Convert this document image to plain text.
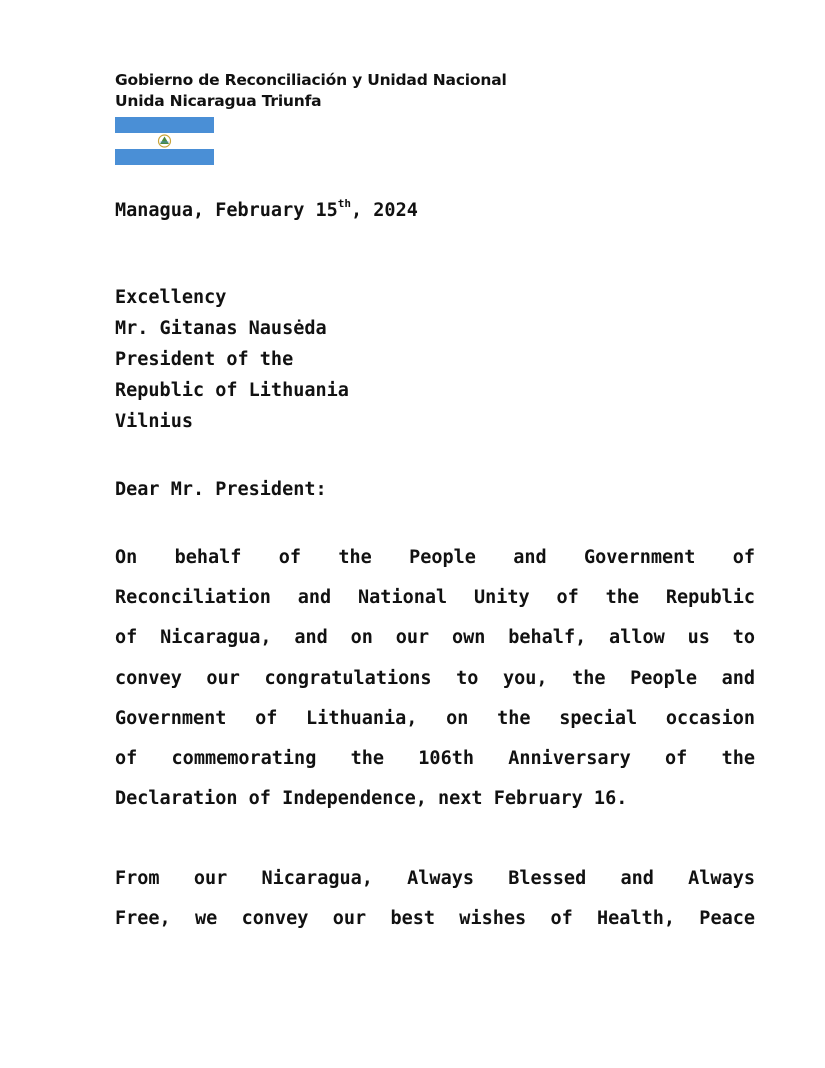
Gobierno de Reconciliación y Unidad Nacional
Unida Nicaragua Triunfa
Managua, February 15th, 2024
Excellency
Mr. Gitanas Nausėda
President of the
Republic of Lithuania
Vilnius
Dear Mr. President:
On behalf of the People and Government of
Reconciliation and National Unity of the Republic
of Nicaragua, and on our own behalf, allow us to
convey our congratulations to you, the People and
Government of Lithuania, on the special occasion
of commemorating the 106th Anniversary of the
Declaration of Independence, next February 16.
From our Nicaragua, Always Blessed and Always
Free, we convey our best wishes of Health, Peace
